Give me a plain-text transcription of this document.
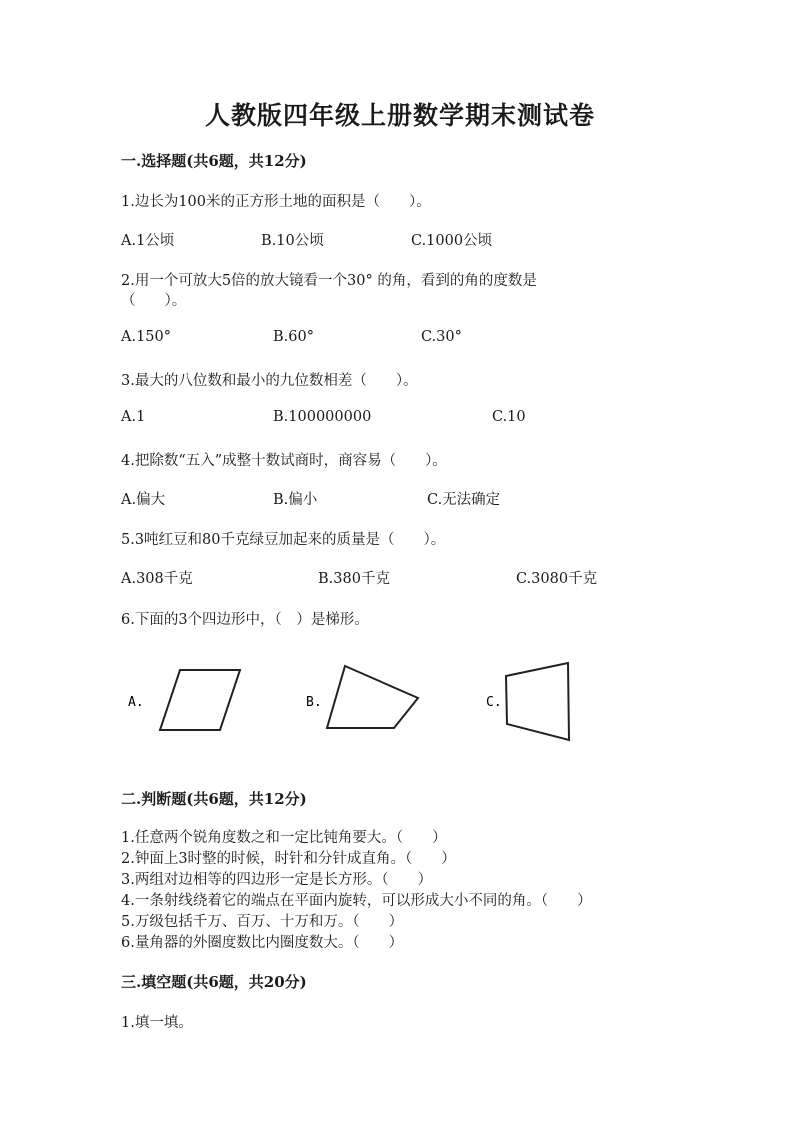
人教版四年级上册数学期末测试卷
一.选择题(共6题，共12分)
1.边长为100米的正方形土地的面积是（　　）。
A.1公顷	B.10公顷	C.1000公顷
2.用一个可放大5倍的放大镜看一个30° 的角，看到的角的度数是
（　　）。
A.150°	B.60°	C.30°
3.最大的八位数和最小的九位数相差（　　）。
A.1	B.100000000	C.10
4.把除数“五入”成整十数试商时，商容易（　　）。
A.偏大	B.偏小	C.无法确定
5.3吨红豆和80千克绿豆加起来的质量是（　　）。
A.308千克	B.380千克	C.3080千克
6.下面的3个四边形中，（　）是梯形。
A.	B.	C.
二.判断题(共6题，共12分)
1.任意两个锐角度数之和一定比钝角要大。（　　）
2.钟面上3时整的时候，时针和分针成直角。（　　）
3.两组对边相等的四边形一定是长方形。（　　）
4.一条射线绕着它的端点在平面内旋转，可以形成大小不同的角。（　　）
5.万级包括千万、百万、十万和万。（　　）
6.量角器的外圈度数比内圈度数大。（　　）
三.填空题(共6题，共20分)
1.填一填。
